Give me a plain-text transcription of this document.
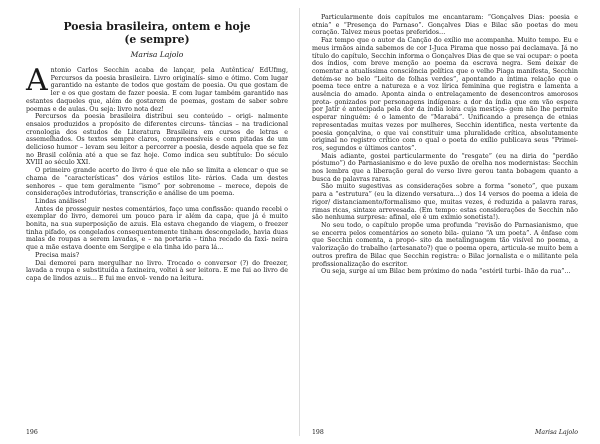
Poesia brasileira, ontem e hoje
(e sempre)
Marisa Lajolo

Antonio Carlos Secchin acaba de lançar, pela Autêntica/ EdUfmg, Percursos da poesia brasileira. Livro originalís- simo e ótimo. Com lugar garantido na estante de todos que gostam de poesia. Ou que gostam de ler e os que gostam de fazer poesia. E com lugar também garantido nas estantes daqueles que, além de gostarem de poemas, gostam de saber sobre poemas e de aulas. Ou seja: livro nota dez!

Percursos da poesia brasileira distribui seu conteúdo – origi- nalmente ensaios produzidos a propósito de diferentes circuns- tâncias – na tradicional cronologia dos estudos de Literatura Brasileira em cursos de letras e assemelhados. Os textos sempre claros, compreensíveis e com pitadas de um delicioso humor – levam seu leitor a percorrer a poesia, desde aquela que se fez no Brasil colônia até a que se faz hoje. Como indica seu subtítulo: Do século XVIII ao século XXI.

O primeiro grande acerto do livro é que ele não se limita a elencar o que se chama de “características” dos vários estilos lite- rários. Cada um destes senhores – que tem geralmente “ismo” por sobrenome – merece, depois de considerações introdutórias, transcrição e análise de um poema.

Lindas análises!

Antes de prosseguir nestes comentários, faço uma confissão: quando recebi o exemplar do livro, demorei um pouco para ir além da capa, que já é muito bonita, na sua superposição de azuis. Ela estava chegando de viagem, o freezer tinha pifado, os congelados consequentemente tinham descongelado, havia duas malas de roupas a serem lavadas, e – na portaria – tinha recado da faxi- neira que a mãe estava doente em Sergipe e ela tinha ido para lá...

Precisa mais?

Dai demorei para mergulhar no livro. Trocado o conversor (?) do freezer, lavada a roupa e substituída a faxineira, voltei à ser leitora. E me fui ao livro de capa de lindos azuis... E fui me envol- vendo na leitura.

196

Particularmente dois capítulos me encantaram: “Gonçalves Dias: poesia e etnia” e “Presença do Parnaso”. Gonçalves Dias e Bilac são poetas do meu coração. Talvez meus poetas preferidos…

Faz tempo que o autor da Canção do exílio me acompanha. Muito tempo. Eu e meus irmãos ainda sabemos de cor I-Juca Pirama que nosso pai declamava. Já no título do capítulo, Secchin informa o Gonçalves Dias de que se vai ocupar: o poeta dos índios, com breve menção ao poema da escrava negra. Sem deixar de comentar a atualíssima consciência política que o velho Piaga manifesta, Secchin detém-se no belo “Leito de folhas verdes”, apontando a íntima relação que o poema tece entre a natureza e a voz lírica feminina que registra e lamenta a ausência do amado. Aponta ainda o entrelaçamento de desencontros amorosos prota- gonizados por personagens indígenas: a dor da índia que em vão espera por Jatir é antecipada pela dor da índia loira cuja mestiça- gem não lhe permite esperar ninguém: é o lamento de “Marabá”. Unificando a presença de etnias representadas muitas vezes por mulheres, Secchin identifica, nesta vertente da poesia gonçalvina, o que vai constituir uma pluralidade crítica, absolutamente original no registro crítico com o qual o poeta do exílio publicava seus “Primei- ros, segundos e últimos cantos”.

Mais adiante, gostei particularmente do “resgate” (eu na diria do “perdão póstumo”) do Parnasianismo e do leve puxão de orelha nos modernistas: Secchin nos lembra que a liberação geral do verso livre gerou tanta bobagem quanto a busca de palavras raras.

São muito sugestivas as considerações sobre a forma “soneto”, que puxam para a “estrutura” (eu la dizendo versatura...) dos 14 versos do poema a ideia de rigor/ distanciamento/formalismo que, muitas vezes, é reduzida a palavra raras, rimas ricas, sintaxe arrevesada. (Em tempo: estas considerações de Secchin não são nenhuma surpresa: afinal, ele é um exímio sonetista!).

No seu todo, o capítulo propõe uma profunda “revisão do Parnasianismo, que se encerra pelos comentários ao soneto bila- quiano “A um poeta”. A ênfase com que Secchin comenta, a propó- sito da metalinguagem tão visível no poema, a valorização do trabalho (artesanato?) que o poema opera, articula-se muito bem a outros prefira de Bilac que Secchin registra: o Bilac jornalista e o militante pela profissionalização do escritor.

Ou seja, surge aí um Bilac bem próximo do nada “estéril turbi- lhão da rua”...

198	Marisa Lajolo
